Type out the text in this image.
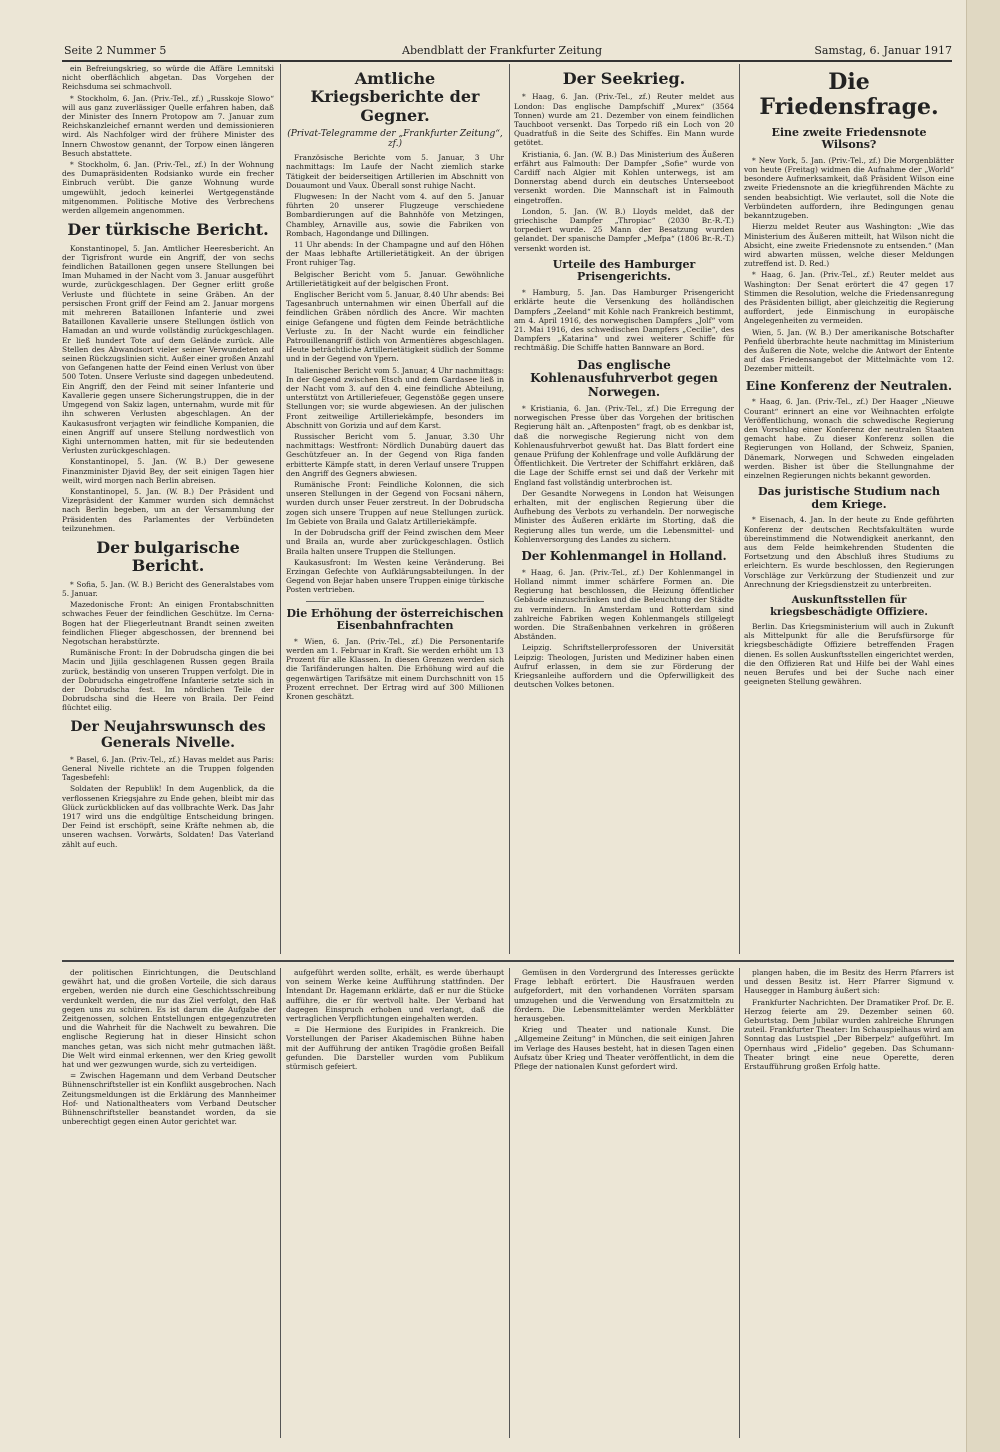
Seite 2 Nummer 5	Abendblatt der Frankfurter Zeitung	Samstag, 6. Januar 1917

ein Befreiungskrieg, so würde die Affäre Lemnitski nicht oberflächlich abgetan. Das Vorgehen der Reichsduma sei schmachvoll.

* Stockholm, 6. Jan. (Priv.-Tel., zf.) „Russkoje Slowo“ will aus ganz zuverlässiger Quelle erfahren haben, daß der Minister des Innern Protopow am 7. Januar zum Reichskanzleichef ernannt werden und demissionieren wird. Als Nachfolger wird der frühere Minister des Innern Chwostow genannt, der Torpow einen längeren Besuch abstattete.

* Stockholm, 6. Jan. (Priv.-Tel., zf.) In der Wohnung des Dumapräsidenten Rodsianko wurde ein frecher Einbruch verübt. Die ganze Wohnung wurde umgewühlt, jedoch keinerlei Wertgegenstände mitgenommen. Politische Motive des Verbrechens werden allgemein angenommen.

Der türkische Bericht.

Konstantinopel, 5. Jan. Amtlicher Heeresbericht. An der Tigrisfront wurde ein Angriff, der von sechs feindlichen Bataillonen gegen unsere Stellungen bei Iman Muhamed in der Nacht vom 3. Januar ausgeführt wurde, zurückgeschlagen. Der Gegner erlitt große Verluste und flüchtete in seine Gräben. An der persischen Front griff der Feind am 2. Januar morgens mit mehreren Bataillonen Infanterie und zwei Bataillonen Kavallerie unsere Stellungen östlich von Hamadan an und wurde vollständig zurückgeschlagen. Er ließ hundert Tote auf dem Gelände zurück. Alle Stellen des Abwandsort vieler seiner Verwundeten auf seinen Rückzugslinien sicht. Außer einer großen Anzahl von Gefangenen hatte der Feind einen Verlust von über 500 Toten. Unsere Verluste sind dagegen unbedeutend. Ein Angriff, den der Feind mit seiner Infanterie und Kavallerie gegen unsere Sicherungstruppen, die in der Umgegend von Sakiz lagen, unternahm, wurde mit für ihn schweren Verlusten abgeschlagen. An der Kaukasusfront verjagten wir feindliche Kompanien, die einen Angriff auf unsere Stellung nordwestlich von Kighi unternommen hatten, mit für sie bedeutenden Verlusten zurückgeschlagen.

Konstantinopel, 5. Jan. (W. B.) Der gewesene Finanzminister Djavid Bey, der seit einigen Tagen hier weilt, wird morgen nach Berlin abreisen.

Konstantinopel, 5. Jan. (W. B.) Der Präsident und Vizepräsident der Kammer wurden sich demnächst nach Berlin begeben, um an der Versammlung der Präsidenten des Parlamentes der Verbündeten teilzunehmen.

Der bulgarische Bericht.

* Sofia, 5. Jan. (W. B.) Bericht des Generalstabes vom 5. Januar.

Mazedonische Front: An einigen Frontabschnitten schwaches Feuer der feindlichen Geschütze. Im Cerna-Bogen hat der Fliegerleutnant Brandt seinen zweiten feindlichen Flieger abgeschossen, der brennend bei Negotschan herabstürzte.

Rumänische Front: In der Dobrudscha gingen die bei Macin und Jijila geschlagenen Russen gegen Braila zurück, beständig von unseren Truppen verfolgt. Die in der Dobrudscha eingetroffene Infanterie setzte sich in der Dobrudscha fest. Im nördlichen Teile der Dobrudscha sind die Heere von Braila. Der Feind flüchtet eilig.

Der Neujahrswunsch des Generals Nivelle.

* Basel, 6. Jan. (Priv.-Tel., zf.) Havas meldet aus Paris: General Nivelle richtete an die Truppen folgenden Tagesbefehl:

Soldaten der Republik! In dem Augenblick, da die verflossenen Kriegsjahre zu Ende gehen, bleibt mir das Glück zurückblicken auf das vollbrachte Werk. Das Jahr 1917 wird uns die endgültige Entscheidung bringen. Der Feind ist erschöpft, seine Kräfte nehmen ab, die unseren wachsen. Vorwärts, Soldaten! Das Vaterland zählt auf euch.

Amtliche Kriegsberichte der Gegner.
(Privat-Telegramme der „Frankfurter Zeitung“, zf.)

Französische Berichte vom 5. Januar, 3 Uhr nachmittags: Im Laufe der Nacht ziemlich starke Tätigkeit der beiderseitigen Artillerien im Abschnitt von Douaumont und Vaux. Überall sonst ruhige Nacht.

Flugwesen: In der Nacht vom 4. auf den 5. Januar führten 20 unserer Flugzeuge verschiedene Bombardierungen auf die Bahnhöfe von Metzingen, Chambley, Arnaville aus, sowie die Fabriken von Rombach, Hagondange und Dillingen.

11 Uhr abends: In der Champagne und auf den Höhen der Maas lebhafte Artillerietätigkeit. An der übrigen Front ruhiger Tag.

Belgischer Bericht vom 5. Januar. Gewöhnliche Artillerietätigkeit auf der belgischen Front.

Englischer Bericht vom 5. Januar, 8.40 Uhr abends: Bei Tagesanbruch unternahmen wir einen Überfall auf die feindlichen Gräben nördlich des Ancre. Wir machten einige Gefangene und fügten dem Feinde beträchtliche Verluste zu. In der Nacht wurde ein feindlicher Patrouillenangriff östlich von Armentières abgeschlagen. Heute beträchtliche Artillerietätigkeit südlich der Somme und in der Gegend von Ypern.

Italienischer Bericht vom 5. Januar, 4 Uhr nachmittags: In der Gegend zwischen Etsch und dem Gardasee ließ in der Nacht vom 3. auf den 4. eine feindliche Abteilung, unterstützt von Artilleriefeuer, Gegenstöße gegen unsere Stellungen vor; sie wurde abgewiesen. An der julischen Front zeitweilige Artilleriekämpfe, besonders im Abschnitt von Gorizia und auf dem Karst.

Russischer Bericht vom 5. Januar, 3.30 Uhr nachmittags: Westfront: Nördlich Dunabürg dauert das Geschützfeuer an. In der Gegend von Riga fanden erbitterte Kämpfe statt, in deren Verlauf unsere Truppen den Angriff des Gegners abwiesen.

Rumänische Front: Feindliche Kolonnen, die sich unseren Stellungen in der Gegend von Focsani nähern, wurden durch unser Feuer zerstreut. In der Dobrudscha zogen sich unsere Truppen auf neue Stellungen zurück. Im Gebiete von Braila und Galatz Artilleriekämpfe.

In der Dobrudscha griff der Feind zwischen dem Meer und Braila an, wurde aber zurückgeschlagen. Östlich Braila halten unsere Truppen die Stellungen.

Kaukasusfront: Im Westen keine Veränderung. Bei Erzingan Gefechte von Aufklärungsabteilungen. In der Gegend von Bejar haben unsere Truppen einige türkische Posten vertrieben.

Die Erhöhung der österreichischen Eisenbahnfrachten

* Wien, 6. Jan. (Priv.-Tel., zf.) Die Personentarife werden am 1. Februar in Kraft. Sie werden erhöht um 13 Prozent für alle Klassen. In diesen Grenzen werden sich die Tarifänderungen halten. Die Erhöhung wird auf die gegenwärtigen Tarifsätze mit einem Durchschnitt von 15 Prozent errechnet. Der Ertrag wird auf 300 Millionen Kronen geschätzt.

Der Seekrieg.

* Haag, 6. Jan. (Priv.-Tel., zf.) Reuter meldet aus London: Das englische Dampfschiff „Murex“ (3564 Tonnen) wurde am 21. Dezember von einem feindlichen Tauchboot versenkt. Das Torpedo riß ein Loch von 20 Quadratfuß in die Seite des Schiffes. Ein Mann wurde getötet.

Kristiania, 6. Jan. (W. B.) Das Ministerium des Äußeren erfährt aus Falmouth: Der Dampfer „Sofie“ wurde von Cardiff nach Algier mit Kohlen unterwegs, ist am Donnerstag abend durch ein deutsches Unterseeboot versenkt worden. Die Mannschaft ist in Falmouth eingetroffen.

London, 5. Jan. (W. B.) Lloyds meldet, daß der griechische Dampfer „Thropiac“ (2030 Br.-R.-T.) torpediert wurde. 25 Mann der Besatzung wurden gelandet. Der spanische Dampfer „Mefpa“ (1806 Br.-R.-T.) versenkt worden ist.

Urteile des Hamburger Prisengerichts.

* Hamburg, 5. Jan. Das Hamburger Prisengericht erklärte heute die Versenkung des holländischen Dampfers „Zeeland“ mit Kohle nach Frankreich bestimmt, am 4. April 1916, des norwegischen Dampfers „Jolf“ vom 21. Mai 1916, des schwedischen Dampfers „Cecilie“, des Dampfers „Katarina“ und zwei weiterer Schiffe für rechtmäßig. Die Schiffe hatten Bannware an Bord.

Das englische Kohlenausfuhrverbot gegen Norwegen.

* Kristiania, 6. Jan. (Priv.-Tel., zf.) Die Erregung der norwegischen Presse über das Vorgehen der britischen Regierung hält an. „Aftenposten“ fragt, ob es denkbar ist, daß die norwegische Regierung nicht von dem Kohlenausfuhrverbot gewußt hat. Das Blatt fordert eine genaue Prüfung der Kohlenfrage und volle Aufklärung der Öffentlichkeit. Die Vertreter der Schiffahrt erklären, daß die Lage der Schiffe ernst sei und daß der Verkehr mit England fast vollständig unterbrochen ist.

Der Gesandte Norwegens in London hat Weisungen erhalten, mit der englischen Regierung über die Aufhebung des Verbots zu verhandeln. Der norwegische Minister des Äußeren erklärte im Storting, daß die Regierung alles tun werde, um die Lebensmittel- und Kohlenversorgung des Landes zu sichern.

Der Kohlenmangel in Holland.

* Haag, 6. Jan. (Priv.-Tel., zf.) Der Kohlenmangel in Holland nimmt immer schärfere Formen an. Die Regierung hat beschlossen, die Heizung öffentlicher Gebäude einzuschränken und die Beleuchtung der Städte zu vermindern. In Amsterdam und Rotterdam sind zahlreiche Fabriken wegen Kohlenmangels stillgelegt worden. Die Straßenbahnen verkehren in größeren Abständen.

Leipzig. Schriftstellerprofessoren der Universität Leipzig: Theologen, Juristen und Mediziner haben einen Aufruf erlassen, in dem sie zur Förderung der Kriegsanleihe auffordern und die Opferwilligkeit des deutschen Volkes betonen.

Die Friedensfrage.
Eine zweite Friedensnote Wilsons?

* New York, 5. Jan. (Priv.-Tel., zf.) Die Morgenblätter von heute (Freitag) widmen die Aufnahme der „World“ besondere Aufmerksamkeit, daß Präsident Wilson eine zweite Friedensnote an die kriegführenden Mächte zu senden beabsichtigt. Wie verlautet, soll die Note die Verbündeten auffordern, ihre Bedingungen genau bekanntzugeben.

Hierzu meldet Reuter aus Washington: „Wie das Ministerium des Äußeren mitteilt, hat Wilson nicht die Absicht, eine zweite Friedensnote zu entsenden.“ (Man wird abwarten müssen, welche dieser Meldungen zutreffend ist. D. Red.)

* Haag, 6. Jan. (Priv.-Tel., zf.) Reuter meldet aus Washington: Der Senat erörtert die 47 gegen 17 Stimmen die Resolution, welche die Friedensanregung des Präsidenten billigt, aber gleichzeitig die Regierung auffordert, jede Einmischung in europäische Angelegenheiten zu vermeiden.

Wien, 5. Jan. (W. B.) Der amerikanische Botschafter Penfield überbrachte heute nachmittag im Ministerium des Äußeren die Note, welche die Antwort der Entente auf das Friedensangebot der Mittelmächte vom 12. Dezember mitteilt.

Eine Konferenz der Neutralen.

* Haag, 6. Jan. (Priv.-Tel., zf.) Der Haager „Nieuwe Courant“ erinnert an eine vor Weihnachten erfolgte Veröffentlichung, wonach die schwedische Regierung den Vorschlag einer Konferenz der neutralen Staaten gemacht habe. Zu dieser Konferenz sollen die Regierungen von Holland, der Schweiz, Spanien, Dänemark, Norwegen und Schweden eingeladen werden. Bisher ist über die Stellungnahme der einzelnen Regierungen nichts bekannt geworden.

Das juristische Studium nach dem Kriege.

* Eisenach, 4. Jan. In der heute zu Ende geführten Konferenz der deutschen Rechtsfakultäten wurde übereinstimmend die Notwendigkeit anerkannt, den aus dem Felde heimkehrenden Studenten die Fortsetzung und den Abschluß ihres Studiums zu erleichtern. Es wurde beschlossen, den Regierungen Vorschläge zur Verkürzung der Studienzeit und zur Anrechnung der Kriegsdienstzeit zu unterbreiten.

Auskunftsstellen für kriegsbeschädigte Offiziere.

Berlin. Das Kriegsministerium will auch in Zukunft als Mittelpunkt für alle die Berufsfürsorge für kriegsbeschädigte Offiziere betreffenden Fragen dienen. Es sollen Auskunftsstellen eingerichtet werden, die den Offizieren Rat und Hilfe bei der Wahl eines neuen Berufes und bei der Suche nach einer geeigneten Stellung gewähren.

der politischen Einrichtungen, die Deutschland gewährt hat, und die großen Vorteile, die sich daraus ergeben, werden nie durch eine Geschichtsschreibung verdunkelt werden, die nur das Ziel verfolgt, den Haß gegen uns zu schüren. Es ist darum die Aufgabe der Zeitgenossen, solchen Entstellungen entgegenzutreten und die Wahrheit für die Nachwelt zu bewahren. Die englische Regierung hat in dieser Hinsicht schon manches getan, was sich nicht mehr gutmachen läßt. Die Welt wird einmal erkennen, wer den Krieg gewollt hat und wer gezwungen wurde, sich zu verteidigen.

= Zwischen Hagemann und dem Verband Deutscher Bühnenschriftsteller ist ein Konflikt ausgebrochen. Nach Zeitungsmeldungen ist die Erklärung des Mannheimer Hof- und Nationaltheaters vom Verband Deutscher Bühnenschriftsteller beanstandet worden, da sie unberechtigt gegen einen Autor gerichtet war.

aufgeführt werden sollte, erhält, es werde überhaupt von seinem Werke keine Aufführung stattfinden. Der Intendant Dr. Hagemann erklärte, daß er nur die Stücke aufführe, die er für wertvoll halte. Der Verband hat dagegen Einspruch erhoben und verlangt, daß die vertraglichen Verpflichtungen eingehalten werden.

= Die Hermione des Euripides in Frankreich. Die Vorstellungen der Pariser Akademischen Bühne haben mit der Aufführung der antiken Tragödie großen Beifall gefunden. Die Darsteller wurden vom Publikum stürmisch gefeiert.

Gemüsen in den Vordergrund des Interesses gerückte Frage lebhaft erörtert. Die Hausfrauen werden aufgefordert, mit den vorhandenen Vorräten sparsam umzugehen und die Verwendung von Ersatzmitteln zu fördern. Die Lebensmittelämter werden Merkblätter herausgeben.

Krieg und Theater und nationale Kunst. Die „Allgemeine Zeitung“ in München, die seit einigen Jahren im Verlage des Hauses besteht, hat in diesen Tagen einen Aufsatz über Krieg und Theater veröffentlicht, in dem die Pflege der nationalen Kunst gefordert wird.

plangen haben, die im Besitz des Herrn Pfarrers ist und dessen Besitz ist. Herr Pfarrer Sigmund v. Hausegger in Hamburg äußert sich:

Frankfurter Nachrichten. Der Dramatiker Prof. Dr. E. Herzog feierte am 29. Dezember seinen 60. Geburtstag. Dem Jubilar wurden zahlreiche Ehrungen zuteil. Frankfurter Theater: Im Schauspielhaus wird am Sonntag das Lustspiel „Der Biberpelz“ aufgeführt. Im Opernhaus wird „Fidelio“ gegeben. Das Schumann-Theater bringt eine neue Operette, deren Erstaufführung großen Erfolg hatte.
